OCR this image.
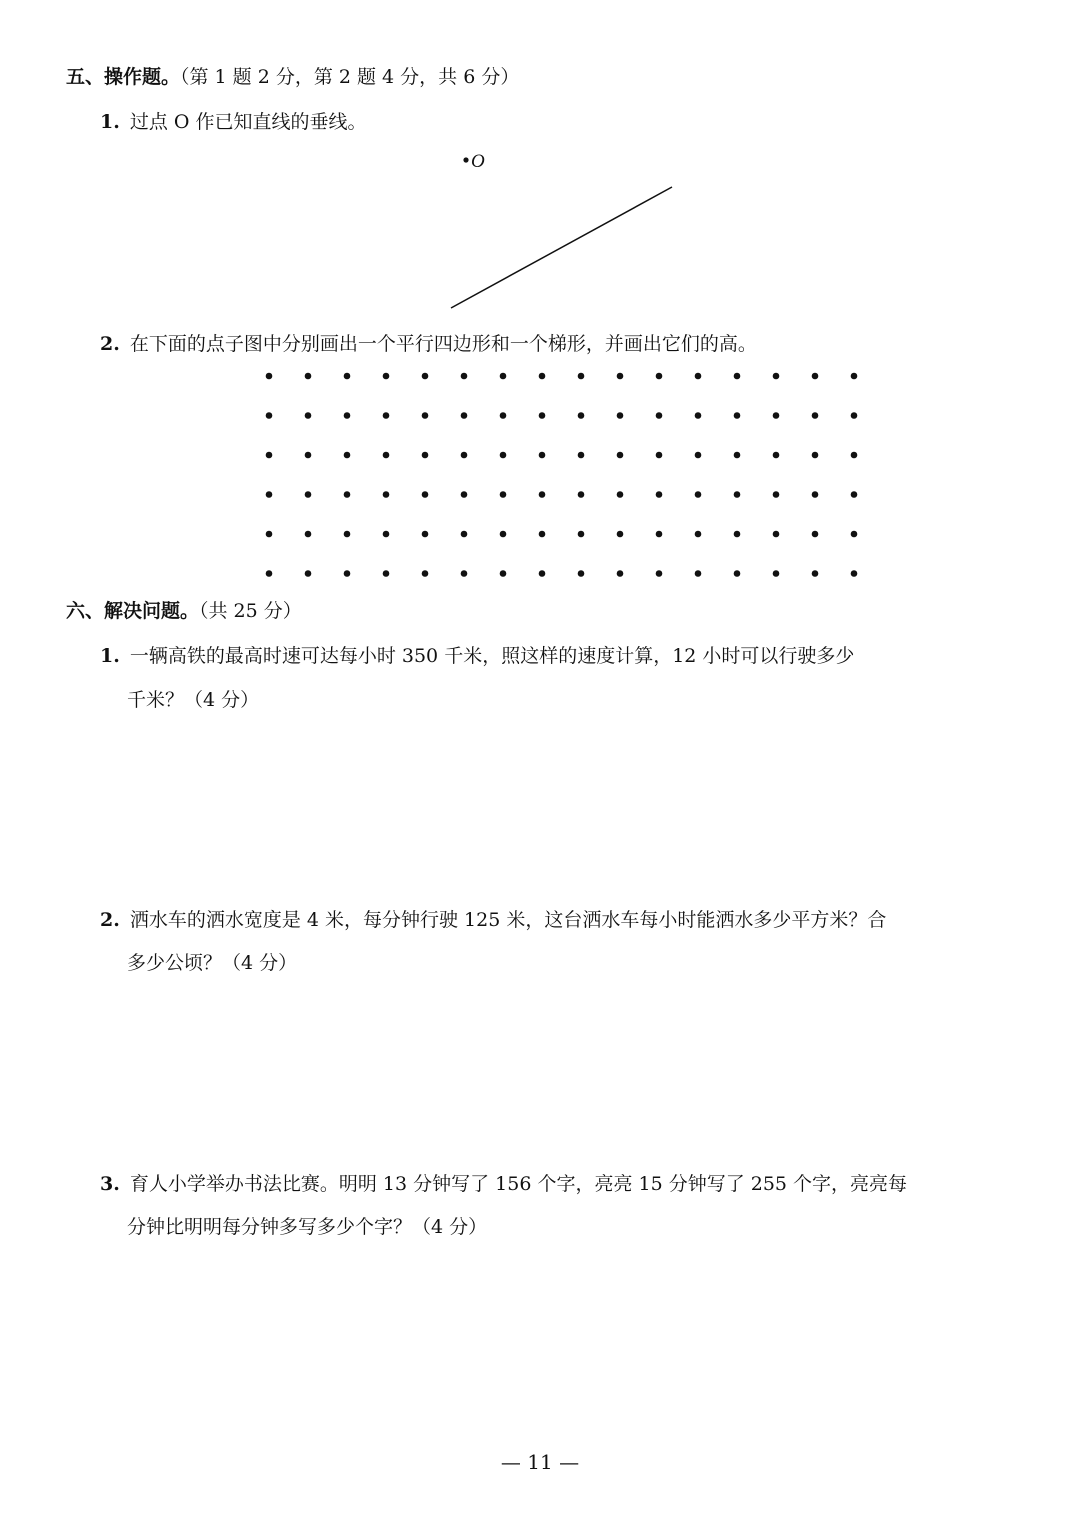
五、操作题。（第 1 题 2 分，第 2 题 4 分，共 6 分）
1. 过点 O 作已知直线的垂线。
O
2. 在下面的点子图中分别画出一个平行四边形和一个梯形，并画出它们的高。
六、解决问题。（共 25 分）
1. 一辆高铁的最高时速可达每小时 350 千米，照这样的速度计算，12 小时可以行驶多少
千米？（4 分）
2. 洒水车的洒水宽度是 4 米，每分钟行驶 125 米，这台洒水车每小时能洒水多少平方米？合
多少公顷？（4 分）
3. 育人小学举办书法比赛。明明 13 分钟写了 156 个字，亮亮 15 分钟写了 255 个字，亮亮每
分钟比明明每分钟多写多少个字？（4 分）
— 11 —
